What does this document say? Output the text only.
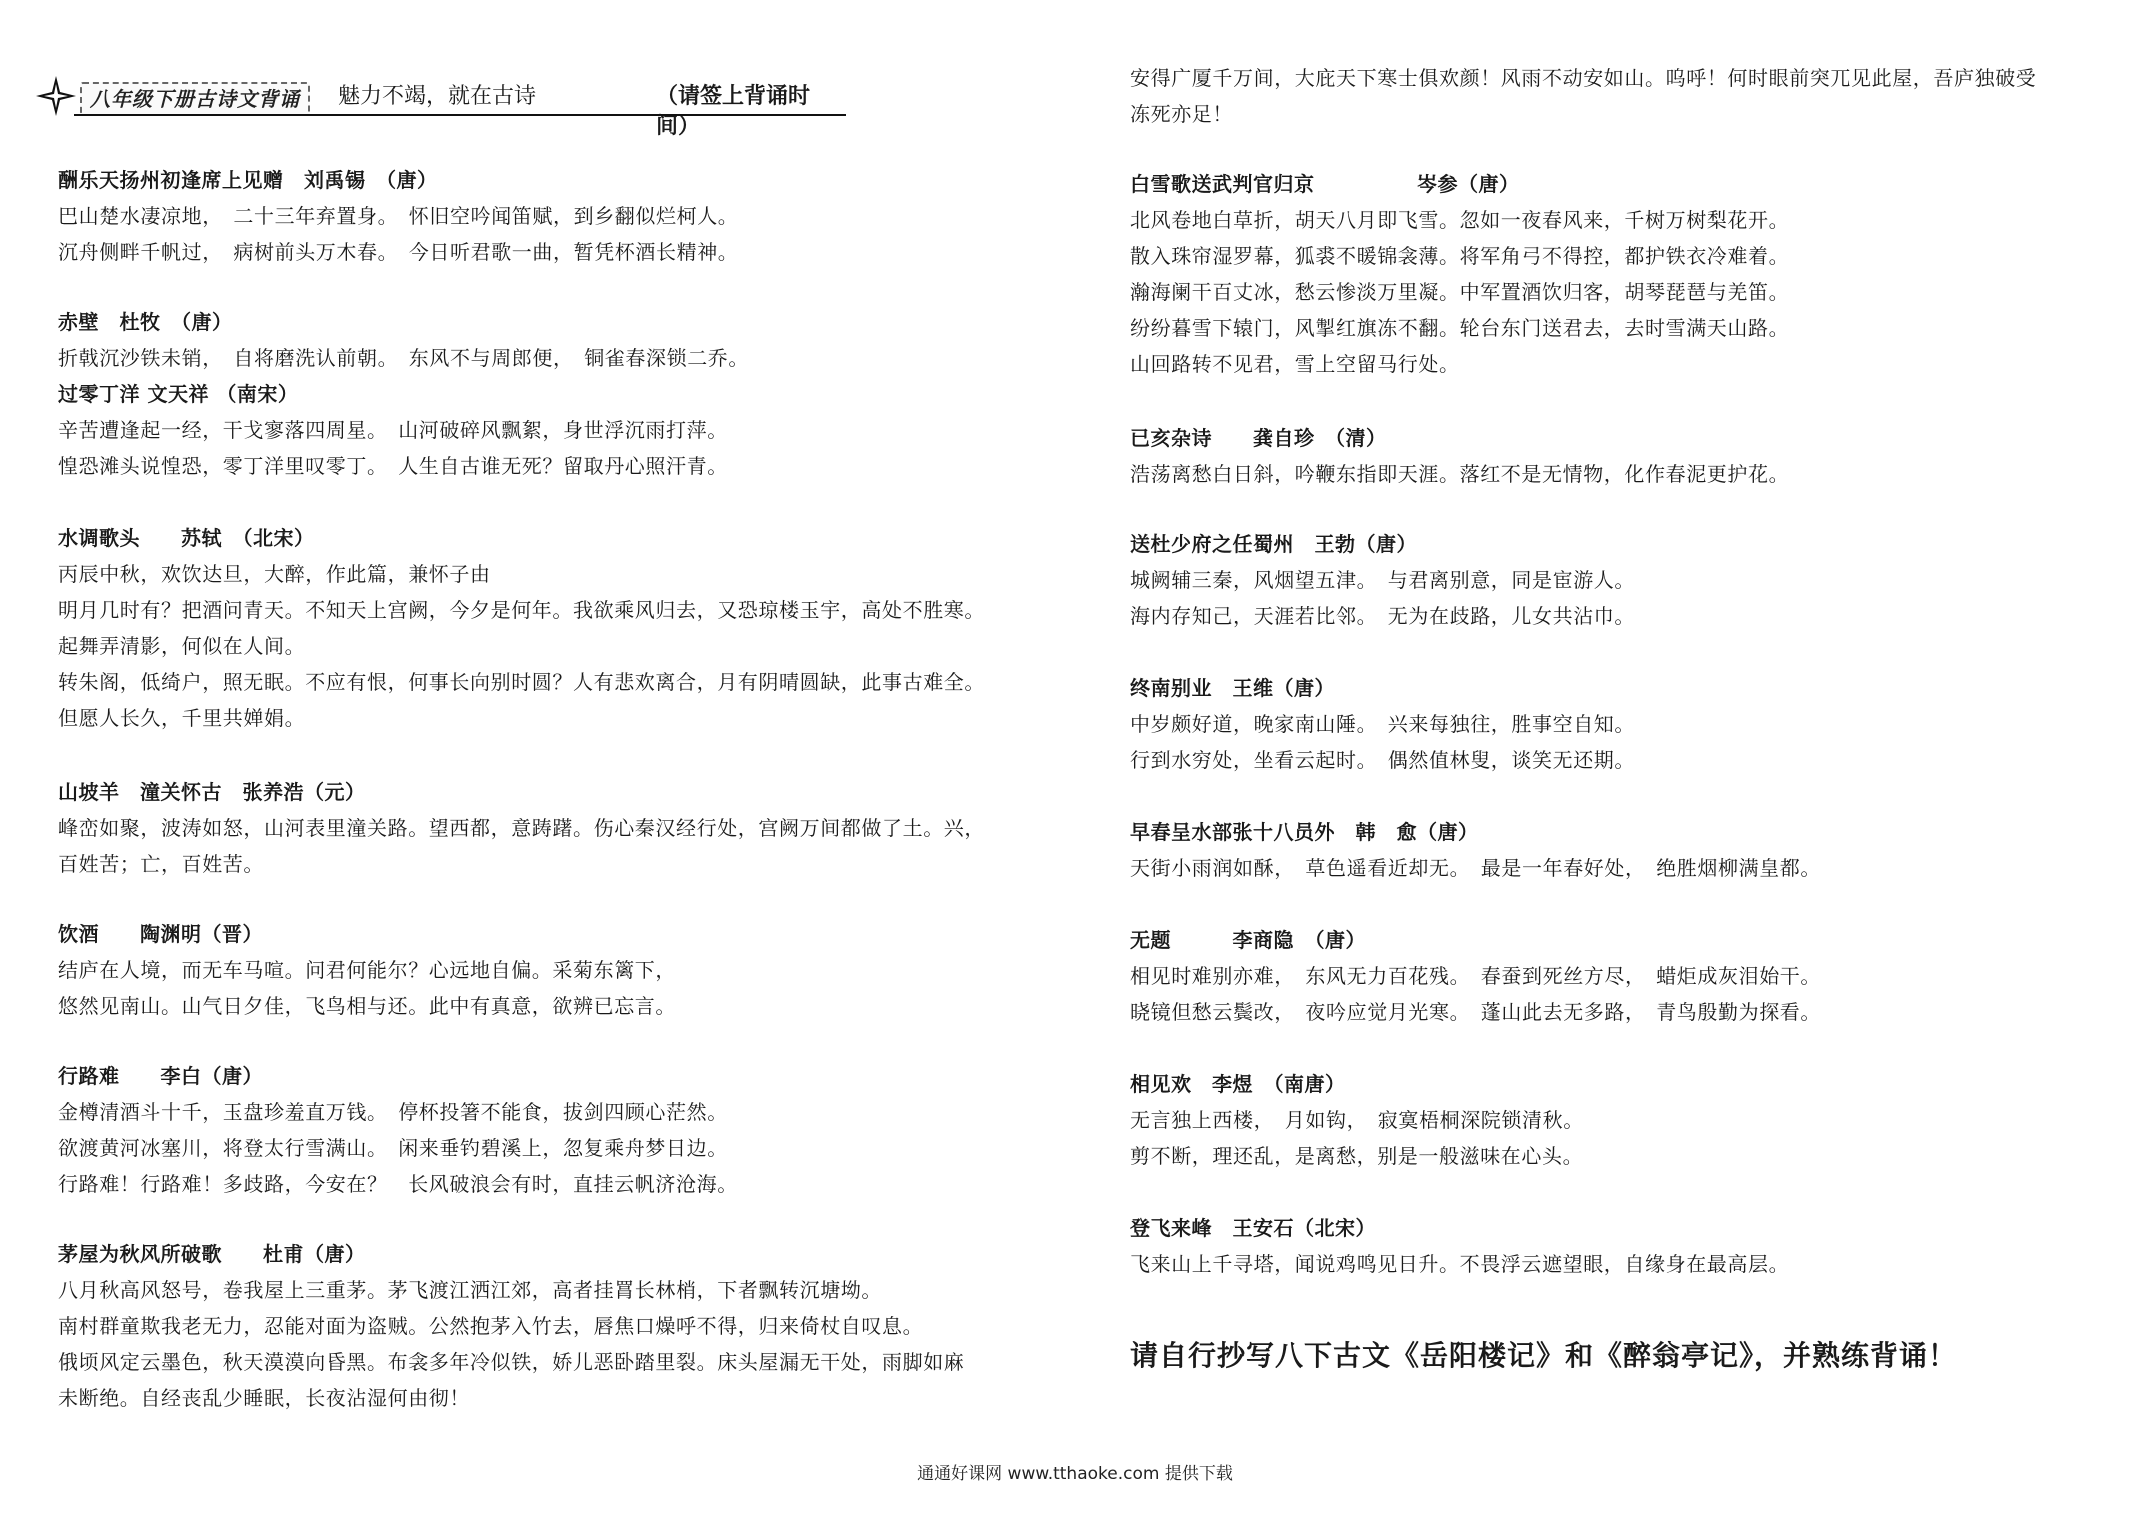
八年级下册古诗文背诵	魅力不竭，就在古诗	（请签上背诵时间）
酬乐天扬州初逢席上见赠　刘禹锡　（唐）
巴山楚水凄凉地，　二十三年弃置身。　怀旧空吟闻笛赋，到乡翻似烂柯人。
沉舟侧畔千帆过，　病树前头万木春。　今日听君歌一曲，暂凭杯酒长精神。
赤壁　杜牧　（唐）
折戟沉沙铁未销，　自将磨洗认前朝。　东风不与周郎便，　铜雀春深锁二乔。
过零丁洋 文天祥 （南宋）
辛苦遭逢起一经，干戈寥落四周星。　山河破碎风飘絮，身世浮沉雨打萍。
惶恐滩头说惶恐，零丁洋里叹零丁。　人生自古谁无死？留取丹心照汗青。
水调歌头　　苏轼　（北宋）
丙辰中秋，欢饮达旦，大醉，作此篇，兼怀子由
明月几时有？把酒问青天。不知天上宫阙，今夕是何年。我欲乘风归去，又恐琼楼玉宇，高处不胜寒。
起舞弄清影，何似在人间。
转朱阁，低绮户，照无眠。不应有恨，何事长向别时圆？人有悲欢离合，月有阴晴圆缺，此事古难全。
但愿人长久，千里共婵娟。
山坡羊　潼关怀古　张养浩（元）
峰峦如聚，波涛如怒，山河表里潼关路。望西都，意踌躇。伤心秦汉经行处，宫阙万间都做了土。兴，
百姓苦；亡，百姓苦。
饮酒　　陶渊明（晋）
结庐在人境，而无车马喧。问君何能尔？心远地自偏。采菊东篱下，
悠然见南山。山气日夕佳，飞鸟相与还。此中有真意，欲辨已忘言。
行路难　　李白（唐）
金樽清酒斗十千，玉盘珍羞直万钱。　停杯投箸不能食，拔剑四顾心茫然。
欲渡黄河冰塞川，将登太行雪满山。　闲来垂钓碧溪上，忽复乘舟梦日边。
行路难！行路难！多歧路，今安在？　长风破浪会有时，直挂云帆济沧海。
茅屋为秋风所破歌　　杜甫（唐）
八月秋高风怒号，卷我屋上三重茅。茅飞渡江洒江郊，高者挂罥长林梢，下者飘转沉塘坳。
南村群童欺我老无力，忍能对面为盗贼。公然抱茅入竹去，唇焦口燥呼不得，归来倚杖自叹息。
俄顷风定云墨色，秋天漠漠向昏黑。布衾多年冷似铁，娇儿恶卧踏里裂。床头屋漏无干处，雨脚如麻
未断绝。自经丧乱少睡眠，长夜沾湿何由彻！
安得广厦千万间，大庇天下寒士俱欢颜！风雨不动安如山。呜呼！何时眼前突兀见此屋，吾庐独破受
冻死亦足！
白雪歌送武判官归京　　　　　岑参（唐）
北风卷地白草折，胡天八月即飞雪。忽如一夜春风来，千树万树梨花开。
散入珠帘湿罗幕，狐裘不暖锦衾薄。将军角弓不得控，都护铁衣冷难着。
瀚海阑干百丈冰，愁云惨淡万里凝。中军置酒饮归客，胡琴琵琶与羌笛。
纷纷暮雪下辕门，风掣红旗冻不翻。轮台东门送君去，去时雪满天山路。
山回路转不见君，雪上空留马行处。
已亥杂诗　　龚自珍　（清）
浩荡离愁白日斜，吟鞭东指即天涯。落红不是无情物，化作春泥更护花。
送杜少府之任蜀州　王勃（唐）
城阙辅三秦，风烟望五津。　与君离别意，同是宦游人。
海内存知己，天涯若比邻。　无为在歧路，儿女共沾巾。
终南别业　王维（唐）
中岁颇好道，晚家南山陲。　兴来每独往，胜事空自知。
行到水穷处，坐看云起时。　偶然值林叟，谈笑无还期。
早春呈水部张十八员外　韩　愈（唐）
天街小雨润如酥，　草色遥看近却无。　最是一年春好处，　绝胜烟柳满皇都。
无题　　　李商隐　（唐）
相见时难别亦难，　东风无力百花残。　春蚕到死丝方尽，　蜡炬成灰泪始干。
晓镜但愁云鬓改，　夜吟应觉月光寒。　蓬山此去无多路，　青鸟殷勤为探看。
相见欢　李煜　（南唐）
无言独上西楼，　月如钩，　寂寞梧桐深院锁清秋。
剪不断，理还乱，是离愁，别是一般滋味在心头。
登飞来峰　王安石（北宋）
飞来山上千寻塔，闻说鸡鸣见日升。不畏浮云遮望眼，自缘身在最高层。
请自行抄写八下古文《岳阳楼记》和《醉翁亭记》，并熟练背诵！
通通好课网 www.tthaoke.com 提供下载
